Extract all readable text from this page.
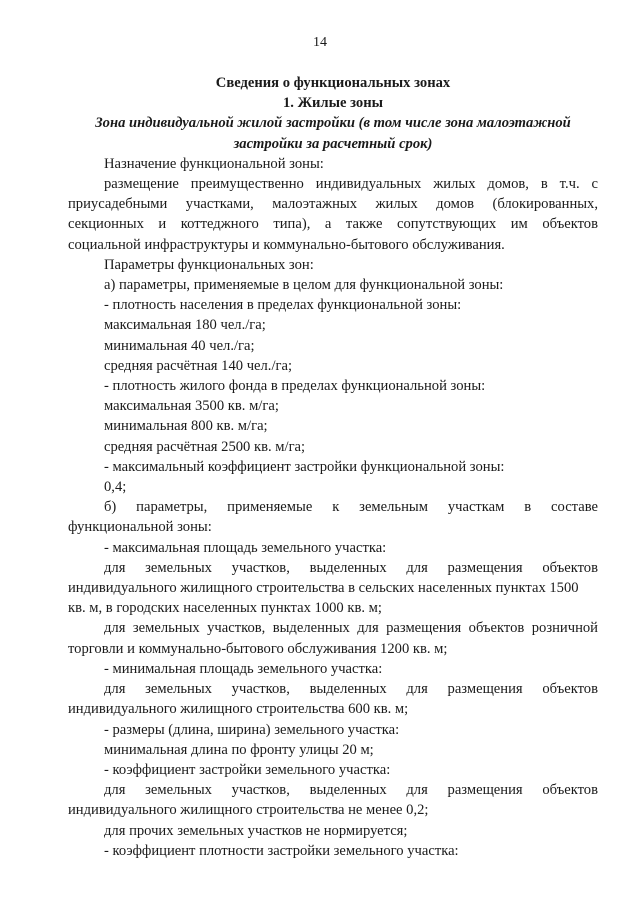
14

Сведения о функциональных зонах

1. Жилые зоны

Зона индивидуальной жилой застройки (в том числе зона малоэтажной

застройки за расчетный срок)

Назначение функциональной зоны:

размещение преимущественно индивидуальных жилых домов, в т.ч. с

приусадебными участками, малоэтажных жилых домов (блокированных,

секционных и коттеджного типа), а также сопутствующих им объектов

социальной инфраструктуры и коммунально-бытового обслуживания.

Параметры функциональных зон:

а) параметры, применяемые в целом для функциональной зоны:

- плотность населения в пределах функциональной зоны:

максимальная 180 чел./га;

минимальная 40 чел./га;

средняя расчётная 140 чел./га;

- плотность жилого фонда в пределах функциональной зоны:

максимальная 3500 кв. м/га;

минимальная 800 кв. м/га;

средняя расчётная 2500 кв. м/га;

- максимальный коэффициент застройки функциональной зоны:

0,4;

б) параметры, применяемые к земельным участкам в составе

функциональной зоны:

- максимальная площадь земельного участка:

для земельных участков, выделенных для размещения объектов

индивидуального жилищного строительства в сельских населенных пунктах 1500

кв. м, в городских населенных пунктах 1000 кв. м;

для земельных участков, выделенных для размещения объектов розничной

торговли и коммунально-бытового обслуживания 1200 кв. м;

- минимальная площадь земельного участка:

для земельных участков, выделенных для размещения объектов

индивидуального жилищного строительства 600 кв. м;

- размеры (длина, ширина) земельного участка:

минимальная длина по фронту улицы 20 м;

- коэффициент застройки земельного участка:

для земельных участков, выделенных для размещения объектов

индивидуального жилищного строительства не менее 0,2;

для прочих земельных участков не нормируется;

- коэффициент плотности застройки земельного участка:
